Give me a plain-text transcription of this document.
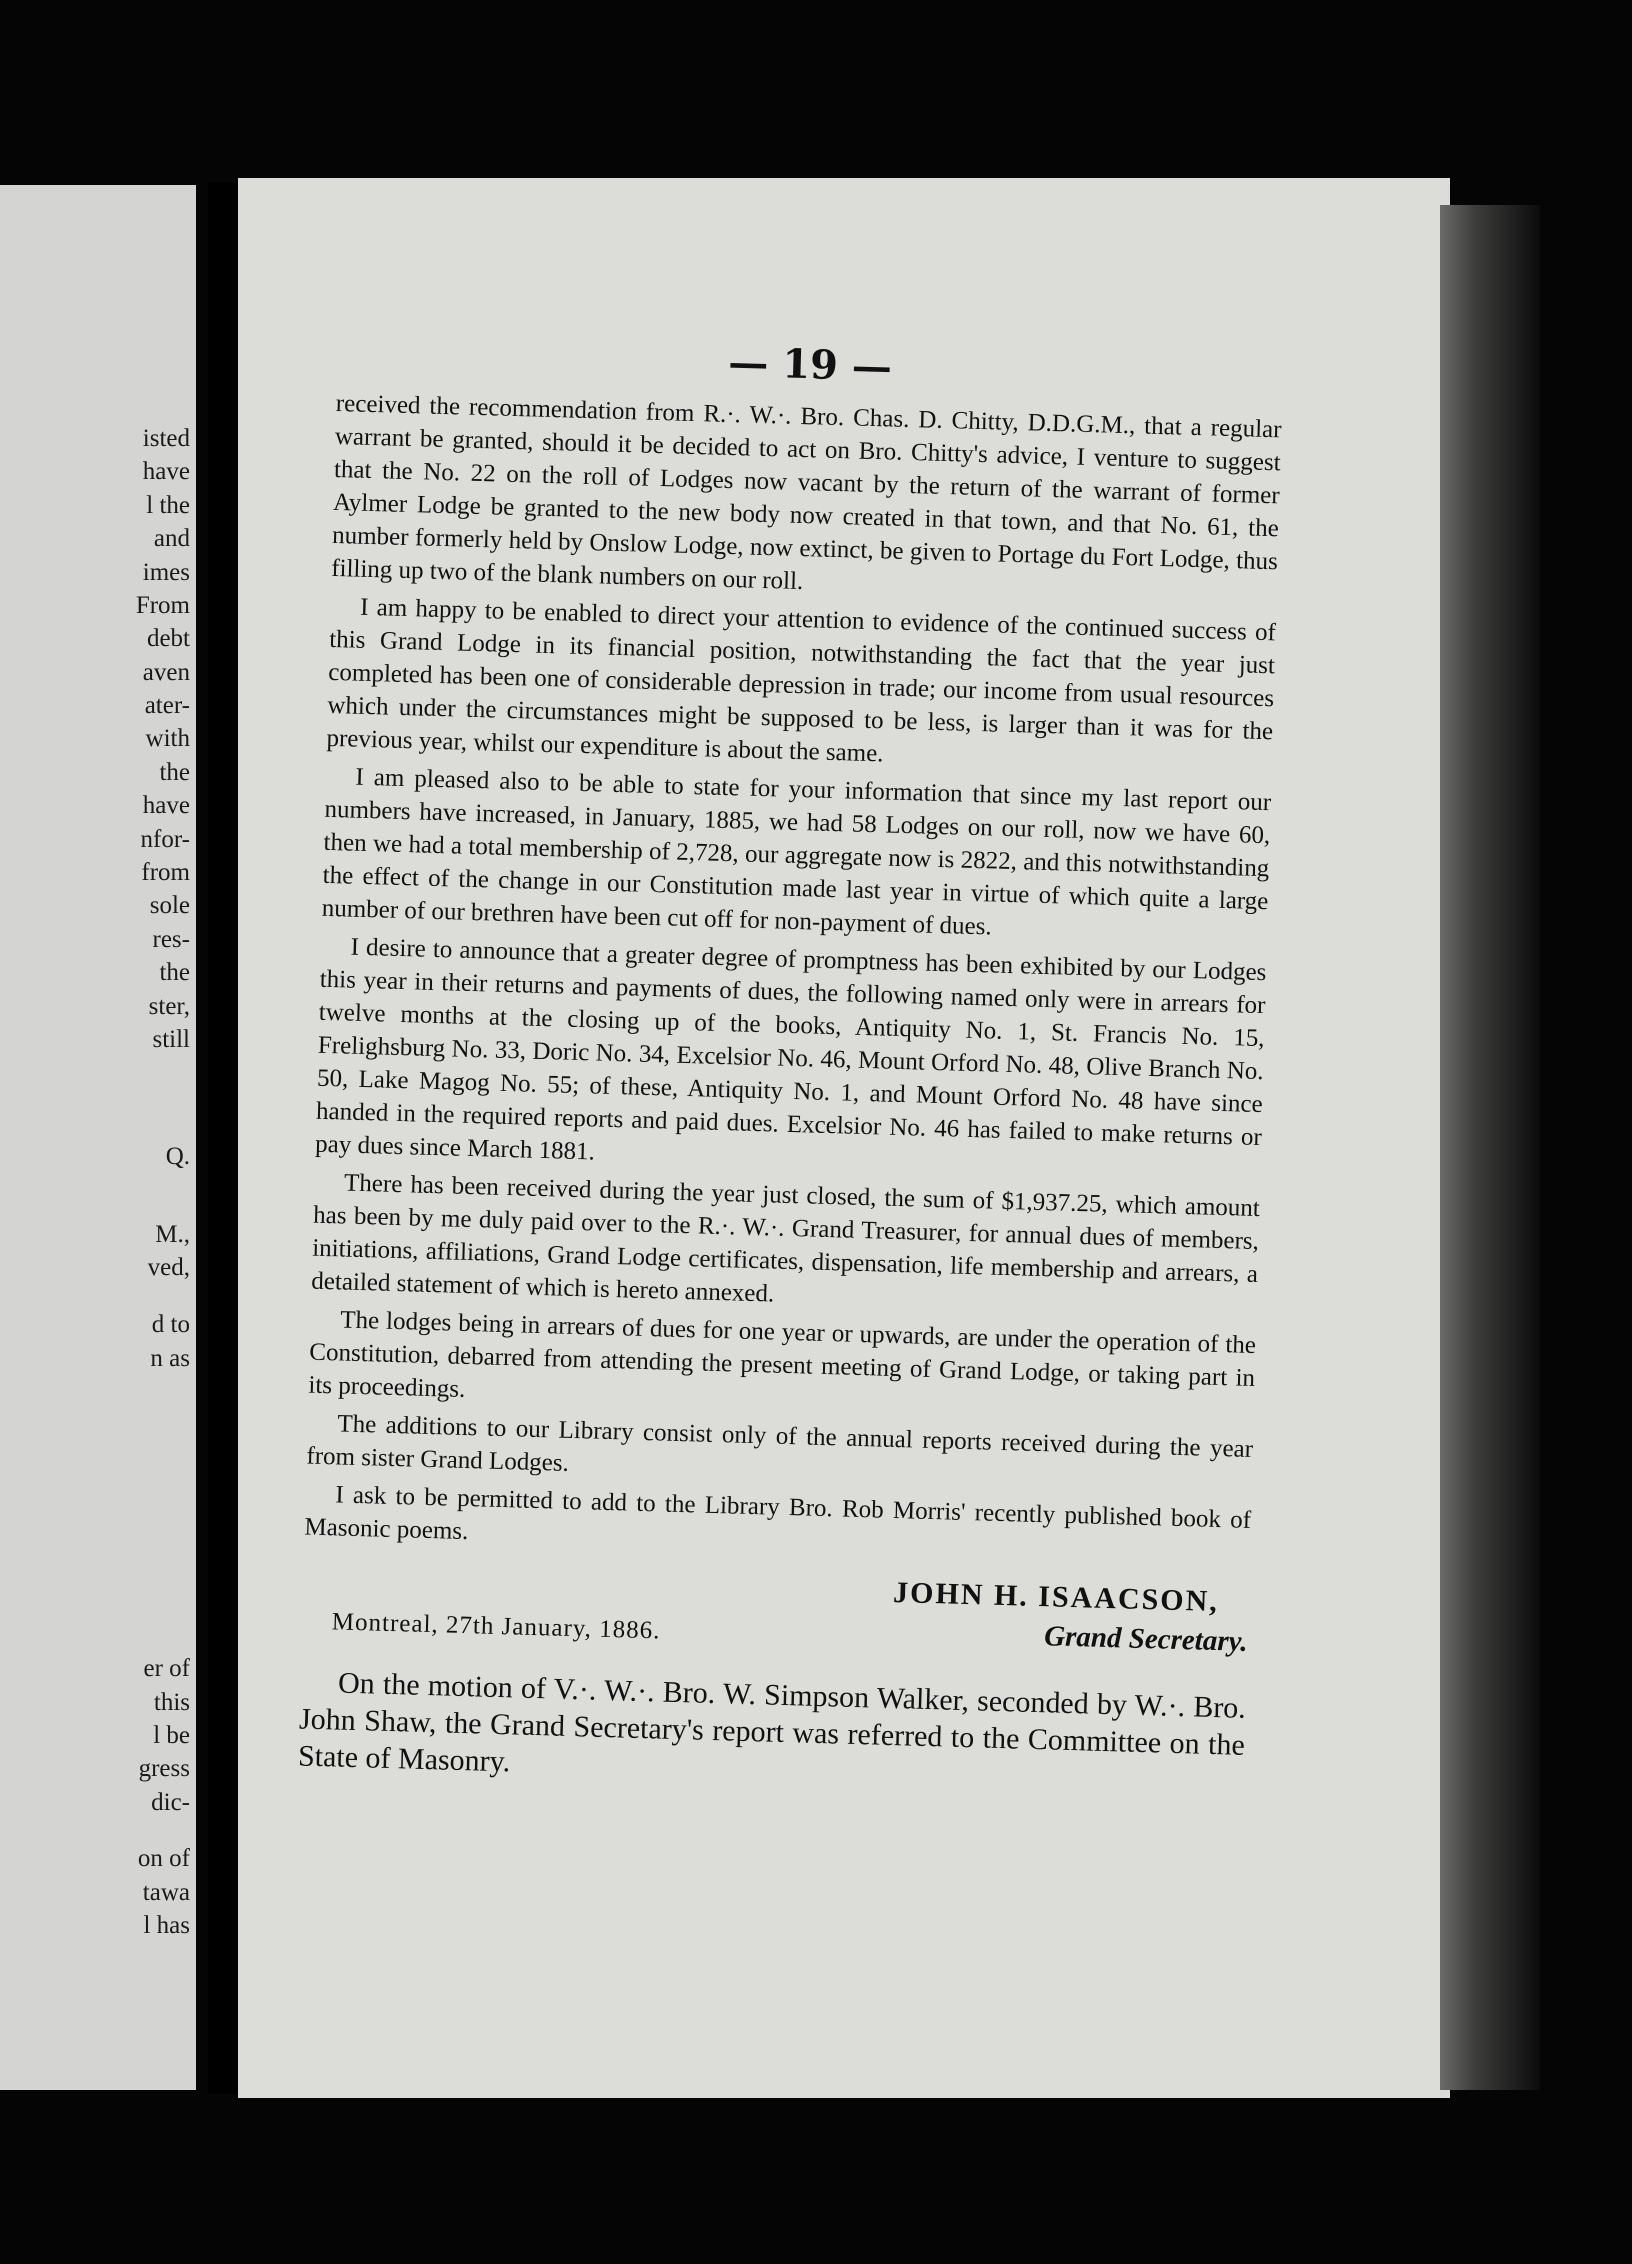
isted
have
l the
and
imes
From
debt
aven
ater-
with
the
have
nfor-
from
sole
res-
the
ster,
still
Q.
M.,
ved,
d to
n as
er of
this
l be
gress
dic-
on of
tawa
l has
— 19 —

received the recommendation from R.·. W.·. Bro. Chas. D. Chitty, D.D.G.M., that a regular warrant be granted, should it be decided to act on Bro. Chitty's advice, I venture to suggest that the No. 22 on the roll of Lodges now vacant by the return of the warrant of former Aylmer Lodge be granted to the new body now created in that town, and that No. 61, the number formerly held by Onslow Lodge, now extinct, be given to Portage du Fort Lodge, thus filling up two of the blank numbers on our roll.

I am happy to be enabled to direct your attention to evidence of the continued success of this Grand Lodge in its financial position, notwithstanding the fact that the year just completed has been one of considerable depression in trade; our income from usual resources which under the circumstances might be supposed to be less, is larger than it was for the previous year, whilst our expenditure is about the same.

I am pleased also to be able to state for your information that since my last report our numbers have increased, in January, 1885, we had 58 Lodges on our roll, now we have 60, then we had a total membership of 2,728, our aggregate now is 2822, and this notwithstanding the effect of the change in our Constitution made last year in virtue of which quite a large number of our brethren have been cut off for non-payment of dues.

I desire to announce that a greater degree of promptness has been exhibited by our Lodges this year in their returns and payments of dues, the following named only were in arrears for twelve months at the closing up of the books, Antiquity No. 1, St. Francis No. 15, Frelighsburg No. 33, Doric No. 34, Excelsior No. 46, Mount Orford No. 48, Olive Branch No. 50, Lake Magog No. 55; of these, Antiquity No. 1, and Mount Orford No. 48 have since handed in the required reports and paid dues. Excelsior No. 46 has failed to make returns or pay dues since March 1881.

There has been received during the year just closed, the sum of $1,937.25, which amount has been by me duly paid over to the R.·. W.·. Grand Treasurer, for annual dues of members, initiations, affiliations, Grand Lodge certificates, dispensation, life membership and arrears, a detailed statement of which is hereto annexed.

The lodges being in arrears of dues for one year or upwards, are under the operation of the Constitution, debarred from attending the present meeting of Grand Lodge, or taking part in its proceedings.

The additions to our Library consist only of the annual reports received during the year from sister Grand Lodges.

I ask to be permitted to add to the Library Bro. Rob Morris' recently published book of Masonic poems.

JOHN H. ISAACSON,
Montreal, 27th January, 1886.	Grand Secretary.

On the motion of V.·. W.·. Bro. W. Simpson Walker, seconded by W.·. Bro. John Shaw, the Grand Secretary's report was referred to the Committee on the State of Masonry.
